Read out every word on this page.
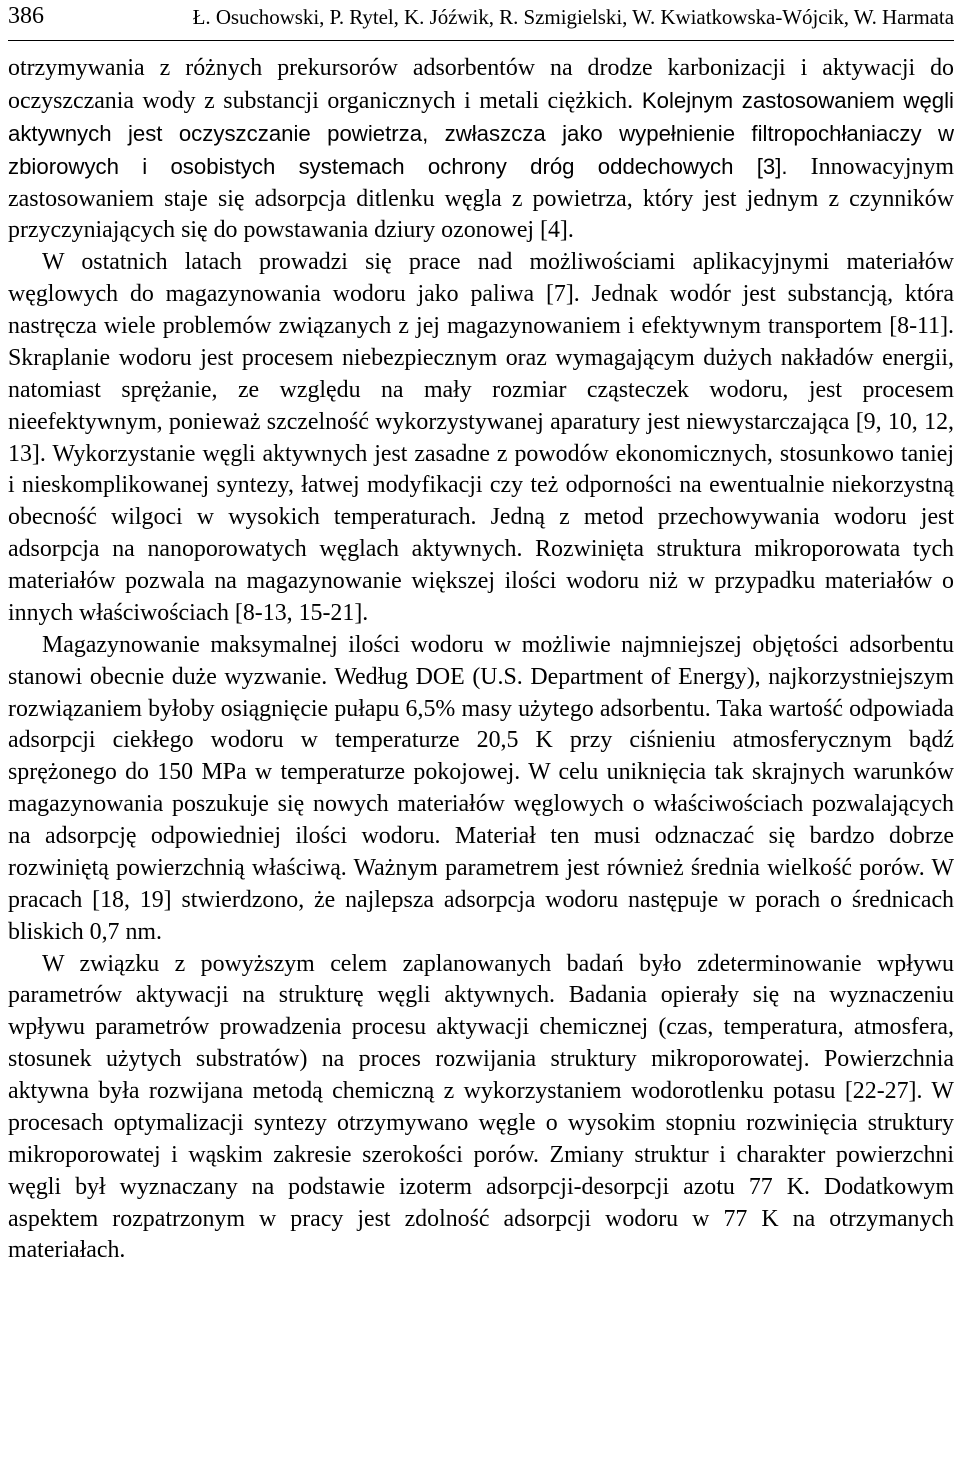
386	Ł. Osuchowski, P. Rytel, K. Jóźwik, R. Szmigielski, W. Kwiatkowska-Wójcik, W. Harmata

otrzymywania z różnych prekursorów adsorbentów na drodze karbonizacji i aktywacji do oczyszczania wody z substancji organicznych i metali ciężkich. Kolejnym zastosowaniem węgli aktywnych jest oczyszczanie powietrza, zwłaszcza jako wypełnienie filtropochłaniaczy w zbiorowych i osobistych systemach ochrony dróg oddechowych [3]. Innowacyjnym zastosowaniem staje się adsorpcja ditlenku węgla z powietrza, który jest jednym z czynników przyczyniających się do powstawania dziury ozonowej [4].

W ostatnich latach prowadzi się prace nad możliwościami aplikacyjnymi materiałów węglowych do magazynowania wodoru jako paliwa [7]. Jednak wodór jest substancją, która nastręcza wiele problemów związanych z jej magazynowaniem i efektywnym transportem [8-11]. Skraplanie wodoru jest procesem niebezpiecznym oraz wymagającym dużych nakładów energii, natomiast sprężanie, ze względu na mały rozmiar cząsteczek wodoru, jest procesem nieefektywnym, ponieważ szczelność wykorzystywanej aparatury jest niewystarczająca [9, 10, 12, 13]. Wykorzystanie węgli aktywnych jest zasadne z powodów ekonomicznych, stosunkowo taniej i nieskomplikowanej syntezy, łatwej modyfikacji czy też odporności na ewentualnie niekorzystną obecność wilgoci w wysokich temperaturach. Jedną z metod przechowywania wodoru jest adsorpcja na nanoporowatych węglach aktywnych. Rozwinięta struktura mikroporowata tych materiałów pozwala na magazynowanie większej ilości wodoru niż w przypadku materiałów o innych właściwościach [8-13, 15-21].

Magazynowanie maksymalnej ilości wodoru w możliwie najmniejszej objętości adsorbentu stanowi obecnie duże wyzwanie. Według DOE (U.S. Department of Energy), najkorzystniejszym rozwiązaniem byłoby osiągnięcie pułapu 6,5% masy użytego adsorbentu. Taka wartość odpowiada adsorpcji ciekłego wodoru w temperaturze 20,5 K przy ciśnieniu atmosferycznym bądź sprężonego do 150 MPa w temperaturze pokojowej. W celu uniknięcia tak skrajnych warunków magazynowania poszukuje się nowych materiałów węglowych o właściwościach pozwalających na adsorpcję odpowiedniej ilości wodoru. Materiał ten musi odznaczać się bardzo dobrze rozwiniętą powierzchnią właściwą. Ważnym parametrem jest również średnia wielkość porów. W pracach [18, 19] stwierdzono, że najlepsza adsorpcja wodoru następuje w porach o średnicach bliskich 0,7 nm.

W związku z powyższym celem zaplanowanych badań było zdeterminowanie wpływu parametrów aktywacji na strukturę węgli aktywnych. Badania opierały się na wyznaczeniu wpływu parametrów prowadzenia procesu aktywacji chemicznej (czas, temperatura, atmosfera, stosunek użytych substratów) na proces rozwijania struktury mikroporowatej. Powierzchnia aktywna była rozwijana metodą chemiczną z wykorzystaniem wodorotlenku potasu [22-27]. W procesach optymalizacji syntezy otrzymywano węgle o wysokim stopniu rozwinięcia struktury mikroporowatej i wąskim zakresie szerokości porów. Zmiany struktur i charakter powierzchni węgli był wyznaczany na podstawie izoterm adsorpcji-desorpcji azotu 77 K. Dodatkowym aspektem rozpatrzonym w pracy jest zdolność adsorpcji wodoru w 77 K na otrzymanych materiałach.
